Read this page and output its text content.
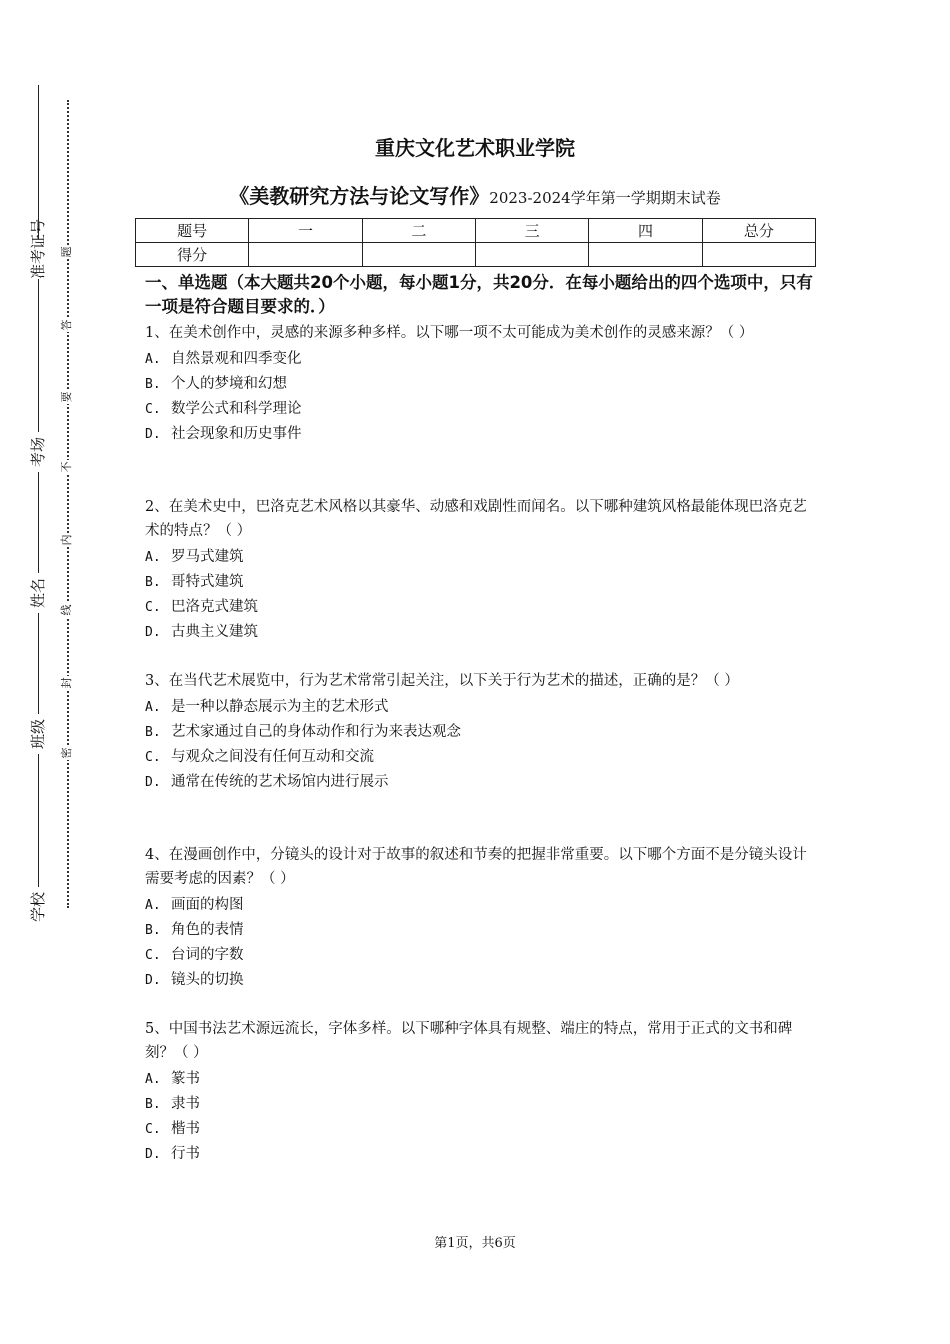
准考证号
考场
姓名
班级
学校
题
答
要
不
内
线
封
密
重庆文化艺术职业学院

《美教研究方法与论文写作》2023-2024学年第一学期期末试卷

题号	一	二	三	四	总分
得分					

一、单选题（本大题共20个小题，每小题1分，共20分．在每小题给出的四个选项中，只有一项是符合题目要求的．）

1、在美术创作中，灵感的来源多种多样。以下哪一项不太可能成为美术创作的灵感来源？（ ）

A. 自然景观和四季变化

B. 个人的梦境和幻想

C. 数学公式和科学理论

D. 社会现象和历史事件

2、在美术史中，巴洛克艺术风格以其豪华、动感和戏剧性而闻名。以下哪种建筑风格最能体现巴洛克艺术的特点？（ ）

A. 罗马式建筑

B. 哥特式建筑

C. 巴洛克式建筑

D. 古典主义建筑

3、在当代艺术展览中，行为艺术常常引起关注，以下关于行为艺术的描述，正确的是？（ ）

A. 是一种以静态展示为主的艺术形式

B. 艺术家通过自己的身体动作和行为来表达观念

C. 与观众之间没有任何互动和交流

D. 通常在传统的艺术场馆内进行展示

4、在漫画创作中，分镜头的设计对于故事的叙述和节奏的把握非常重要。以下哪个方面不是分镜头设计需要考虑的因素？（ ）

A. 画面的构图

B. 角色的表情

C. 台词的字数

D. 镜头的切换

5、中国书法艺术源远流长，字体多样。以下哪种字体具有规整、端庄的特点，常用于正式的文书和碑刻？（ ）

A. 篆书

B. 隶书

C. 楷书

D. 行书

第1页，共6页
